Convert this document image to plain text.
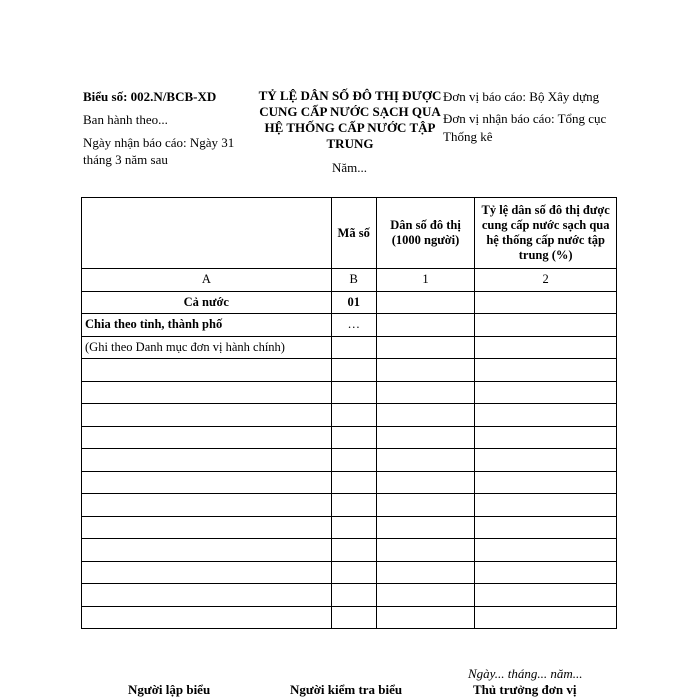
Biểu số: 002.N/BCB-XD
Ban hành theo...
Ngày nhận báo cáo: Ngày 31 tháng 3 năm sau
TỶ LỆ DÂN SỐ ĐÔ THỊ ĐƯỢC CUNG CẤP NƯỚC SẠCH QUA HỆ THỐNG CẤP NƯỚC TẬP TRUNG
Năm...
Đơn vị báo cáo: Bộ Xây dựng
Đơn vị nhận báo cáo: Tổng cục Thống kê
	Mã số	Dân số đô thị (1000 người)	Tỷ lệ dân số đô thị được cung cấp nước sạch qua hệ thống cấp nước tập trung (%)
A	B	1	2
Cả nước	01		
Chia theo tỉnh, thành phố	…		
(Ghi theo Danh mục đơn vị hành chính)			

Ngày... tháng... năm...
Người lập biểu	Người kiểm tra biểu	Thủ trưởng đơn vị
